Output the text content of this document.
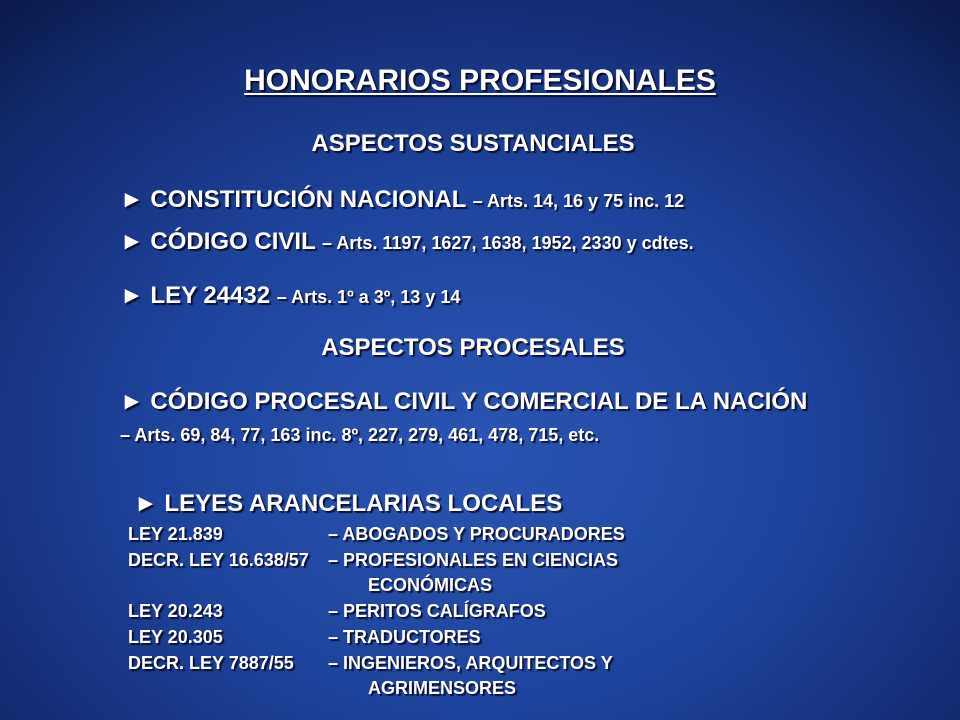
HONORARIOS PROFESIONALES
ASPECTOS SUSTANCIALES
► CONSTITUCIÓN NACIONAL – Arts. 14, 16 y 75 inc. 12
► CÓDIGO CIVIL – Arts. 1197, 1627, 1638, 1952, 2330 y cdtes.
► LEY 24432 – Arts. 1º a 3º, 13 y 14
ASPECTOS PROCESALES
► CÓDIGO PROCESAL CIVIL Y COMERCIAL DE LA NACIÓN – Arts. 69, 84, 77, 163 inc. 8º, 227, 279, 461, 478, 715, etc.
► LEYES ARANCELARIAS LOCALES
LEY 21.839	– ABOGADOS Y PROCURADORES
DECR. LEY 16.638/57 – PROFESIONALES EN CIENCIAS
ECONÓMICAS
LEY 20.243	– PERITOS CALÍGRAFOS
LEY 20.305	– TRADUCTORES
DECR. LEY 7887/55 – INGENIEROS, ARQUITECTOS Y
AGRIMENSORES
